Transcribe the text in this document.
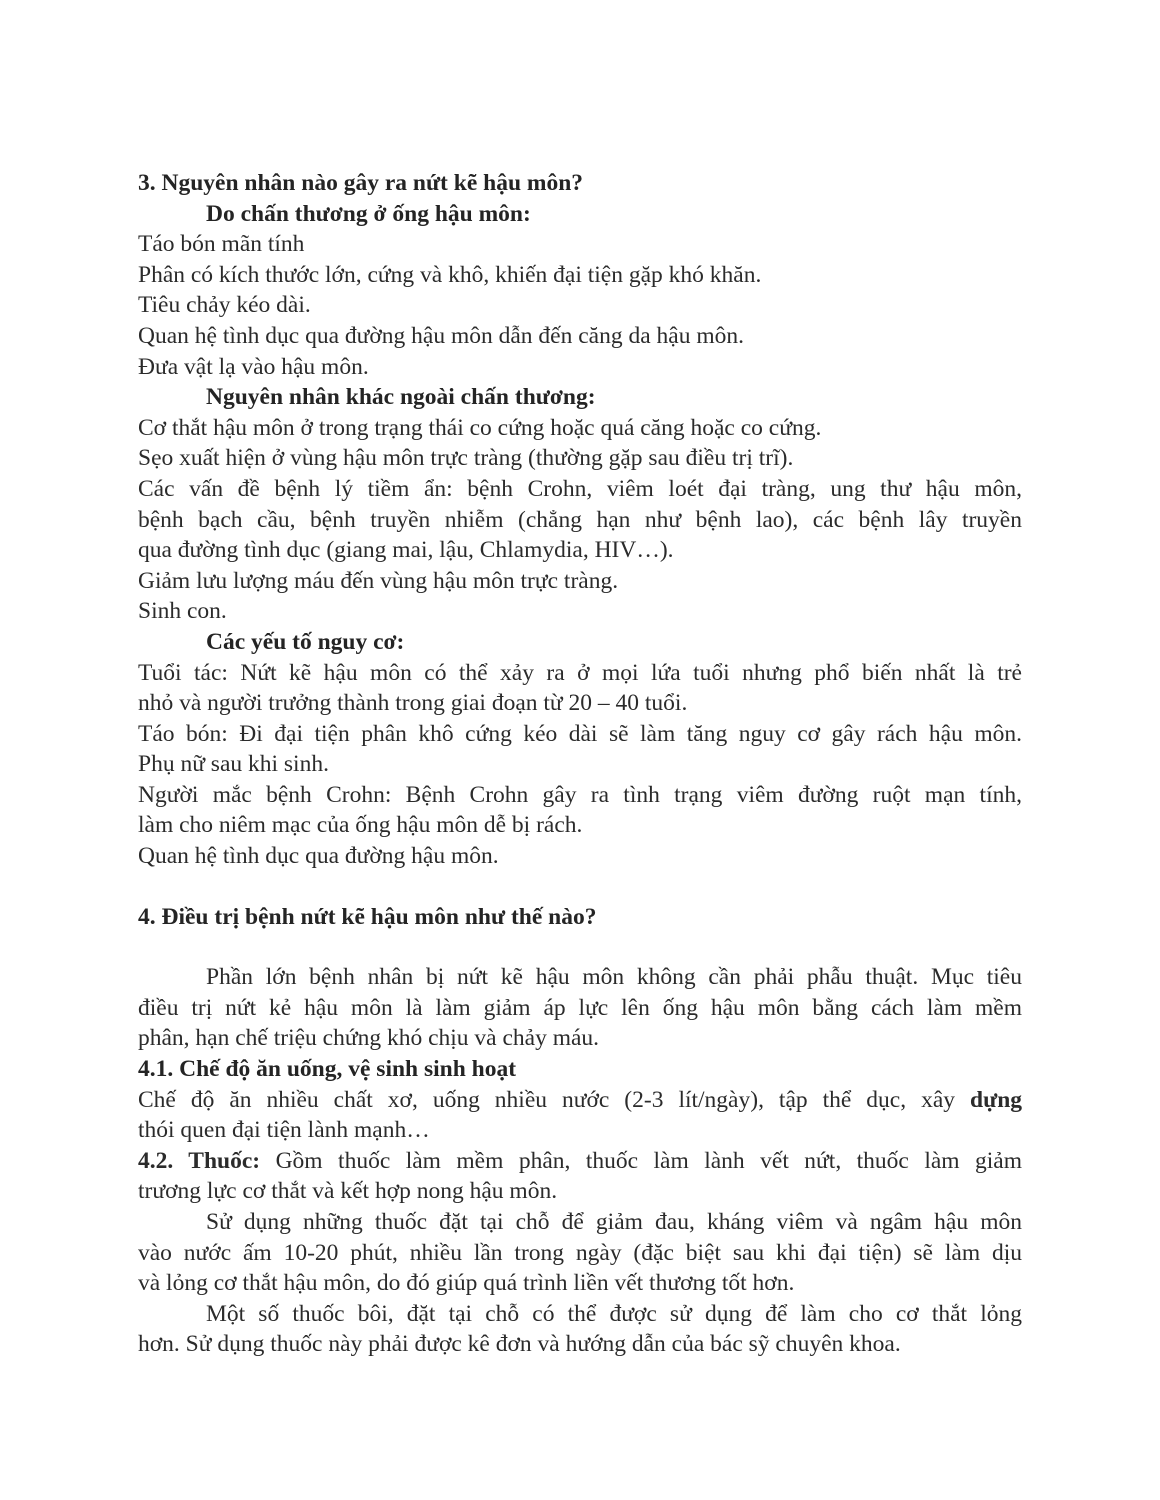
3. Nguyên nhân nào gây ra nứt kẽ hậu môn?
Do chấn thương ở ống hậu môn:
Táo bón mãn tính
Phân có kích thước lớn, cứng và khô, khiến đại tiện gặp khó khăn.
Tiêu chảy kéo dài.
Quan hệ tình dục qua đường hậu môn dẫn đến căng da hậu môn.
Đưa vật lạ vào hậu môn.
Nguyên nhân khác ngoài chấn thương:
Cơ thắt hậu môn ở trong trạng thái co cứng hoặc quá căng hoặc co cứng.
Sẹo xuất hiện ở vùng hậu môn trực tràng (thường gặp sau điều trị trĩ).
Các vấn đề bệnh lý tiềm ẩn: bệnh Crohn, viêm loét đại tràng, ung thư hậu môn,
bệnh bạch cầu, bệnh truyền nhiễm (chẳng hạn như bệnh lao), các bệnh lây truyền
qua đường tình dục (giang mai, lậu, Chlamydia, HIV…).
Giảm lưu lượng máu đến vùng hậu môn trực tràng.
Sinh con.
Các yếu tố nguy cơ:
Tuổi tác: Nứt kẽ hậu môn có thể xảy ra ở mọi lứa tuổi nhưng phổ biến nhất là trẻ
nhỏ và người trưởng thành trong giai đoạn từ 20 – 40 tuổi.
Táo bón: Đi đại tiện phân khô cứng kéo dài sẽ làm tăng nguy cơ gây rách hậu môn.
Phụ nữ sau khi sinh.
Người mắc bệnh Crohn: Bệnh Crohn gây ra tình trạng viêm đường ruột mạn tính,
làm cho niêm mạc của ống hậu môn dễ bị rách.
Quan hệ tình dục qua đường hậu môn.
4. Điều trị bệnh nứt kẽ hậu môn như thế nào?
Phần lớn bệnh nhân bị nứt kẽ hậu môn không cần phải phẫu thuật. Mục tiêu
điều trị nứt kẻ hậu môn là làm giảm áp lực lên ống hậu môn bằng cách làm mềm
phân, hạn chế triệu chứng khó chịu và chảy máu.
4.1. Chế độ ăn uống, vệ sinh sinh hoạt
Chế độ ăn nhiều chất xơ, uống nhiều nước (2-3 lít/ngày), tập thể dục, xây dựng
thói quen đại tiện lành mạnh…
4.2. Thuốc: Gồm thuốc làm mềm phân, thuốc làm lành vết nứt, thuốc làm giảm
trương lực cơ thắt và kết hợp nong hậu môn.
Sử dụng những thuốc đặt tại chỗ để giảm đau, kháng viêm và ngâm hậu môn
vào nước ấm 10-20 phút, nhiều lần trong ngày (đặc biệt sau khi đại tiện) sẽ làm dịu
và lỏng cơ thắt hậu môn, do đó giúp quá trình liền vết thương tốt hơn.
Một số thuốc bôi, đặt tại chỗ có thể được sử dụng để làm cho cơ thắt lỏng
hơn. Sử dụng thuốc này phải được kê đơn và hướng dẫn của bác sỹ chuyên khoa.
